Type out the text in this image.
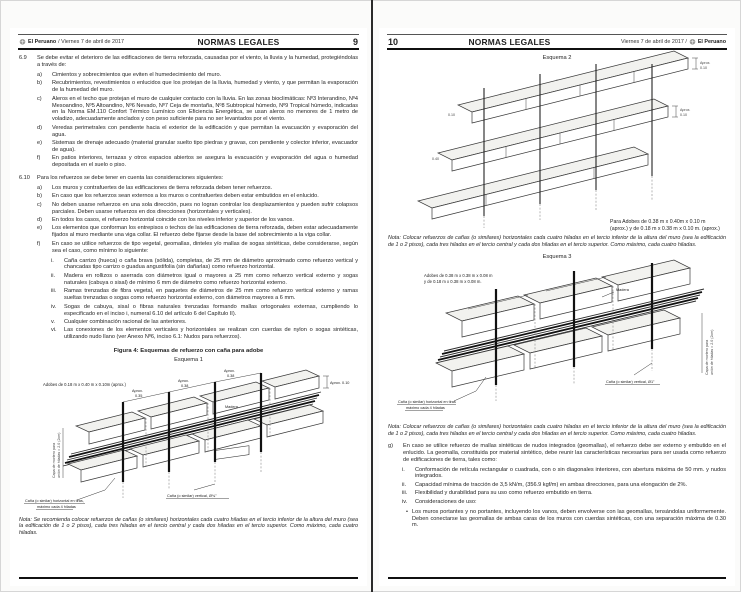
El Peruano / Viernes 7 de abril de 2017	NORMAS LEGALES	9
6.9	Se debe evitar el deterioro de las edificaciones de tierra reforzada, causadas por el viento, la lluvia y la humedad, protegiéndolas a través de:
a)	Cimientos y sobrecimientos que eviten el humedecimiento del muro.
b)	Recubrimientos, revestimientos o enlucidos que los protejan de la lluvia, humedad y viento, y que permitan la evaporación de la humedad del muro.
c)	Aleros en el techo que protejan el muro de cualquier contacto con la lluvia. En las zonas bioclimáticas: Nº3 Interandino, Nº4 Mesoandino, Nº5 Altoandino, Nº6 Nevado, Nº7 Ceja de montaña, Nº8 Subtropical húmedo, Nº9 Tropical húmedo, indicadas en la Norma EM.110 Confort Térmico Lumínico con Eficiencia Energética, se usan aleros no menores de 1 metro de voladizo, adecuadamente anclados y con peso suficiente para no ser levantados por el viento.
d)	Veredas perimetrales con pendiente hacia el exterior de la edificación y que permitan la evacuación y evaporación del agua.
e)	Sistemas de drenaje adecuado (material granular suelto tipo piedras y gravas, con pendiente y colector inferior, evacuador de agua).
f)	En patios interiores, terrazas y otros espacios abiertos se asegura la evacuación y evaporación del agua o humedad depositada en el suelo o piso.
6.10	Para los refuerzos se debe tener en cuenta las consideraciones siguientes:
a)	Los muros y contrafuertes de las edificaciones de tierra reforzada deben tener refuerzos.
b)	En caso que los refuerzos sean externos a los muros o contrafuertes deben estar embutidos en el enlucido.
c)	No deben usarse refuerzos en una sola dirección, pues no logran controlar los desplazamientos y pueden sufrir colapsos parciales. Deben usarse refuerzos en dos direcciones (horizontales y verticales).
d)	En todos los casos, el refuerzo horizontal coincide con los niveles inferior y superior de los vanos.
e)	Los elementos que conforman los entrepisos o techos de las edificaciones de tierra reforzada, deben estar adecuadamente fijados al muro mediante una viga collar. El refuerzo debe fijarse desde la base del sobrecimiento a la viga collar.
f)	En caso se utilice refuerzos de tipo vegetal, geomallas, dinteles y/o mallas de sogas sintéticas, debe considerarse, según sea el caso, como mínimo lo siguiente:
i.	Caña carrizo (hueca) o caña brava (sólida), completas, de 25 mm de diámetro aproximado como refuerzo vertical y chancadas tipo carrizo o guadua angustifolia (sin dañarlas) como refuerzo horizontal.
ii.	Madera en rollizos o aserrada con diámetros igual o mayores a 25 mm como refuerzo vertical externo y sogas naturales (cabuya o sisal) de mínimo 6 mm de diámetro como refuerzo horizontal externo.
iii.	Ramas trenzadas de fibra vegetal, en paquetes de diámetros de 25 mm como refuerzo vertical externo y ramas sueltas trenzadas o sogas como refuerzo horizontal externo, con diámetros mayores a 6 mm.
iv.	Sogas de cabuya, sisal o fibras naturales trenzadas formando mallas ortogonales externas, cumpliendo lo especificado en el inciso i, numeral 6.10 del artículo 6 del Capítulo II).
v.	Cualquier combinación racional de las anteriores.
vi.	Las conexiones de los elementos verticales y horizontales se realizan con cuerdas de nylon o sogas sintéticas, utilizando nudo llano (ver Anexo Nº6, inciso 6.1: Nudos para refuerzos).
Figura 4: Esquemas de refuerzo con caña para adobe
Esquema 1
Adobes de 0.18 m x 0.40 m x 0.10m (aprox.)
Aprox.
0.35
Aprox.
0.38
Aprox.
0.38
Madera
Aprox. 0.10
Capa de mortero para unión de hiladas = 2.0 (2cm)
Caña (o similar) horizontal en tiras,
máximo cada 4 hiladas
Caña (o similar) vertical, Ø¾"
Nota: Se recomienda colocar refuerzos de cañas (o similares) horizontales cada cuatro hiladas en el tercio inferior de la altura del muro (sea la edificación de 1 o 2 pisos), cada tres hiladas en el tercio central y cada dos hiladas en el tercio superior. Como máximo, cada cuatro hiladas.
10	NORMAS LEGALES	Viernes 7 de abril de 2017 / El Peruano
Esquema 2
0.10
0.40
Aprox.
0.10
Aprox.
0.10
Para Adobes de 0.38 m x 0.40m x 0.10 m (aprox.) y de 0.18 m x 0.38 m x 0.10 m. (aprox.)
Nota: Colocar refuerzos de cañas (o similares) horizontales cada cuatro hiladas en el tercio inferior de la altura del muro (sea la edificación de 1 o 2 pisos), cada tres hiladas en el tercio central y cada dos hiladas en el tercio superior. Como máximo, cada cuatro hiladas.
Esquema 3
Adobes de 0.38 m x 0.38 m x 0.08 m
y de 0.18 m x 0.38 m x 0.08 m.
Madera
Capa de mortero para unión de hiladas = 2.0 (2cm)
Caña (o similar) horizontal en tiras
máximo cada 4 hiladas
Caña (o similar) vertical, Ø1"
Nota: Colocar refuerzos de cañas (o similares) horizontales cada cuatro hiladas en el tercio inferior de la altura del muro (sea la edificación de 1 o 2 pisos), cada tres hiladas en el tercio central y cada dos hiladas en el tercio superior. Como máximo, cada cuatro hiladas.
g)	En caso se utilice refuerzo de mallas sintéticas de nudos integrados (geomallas), el refuerzo debe ser externo y embutido en el enlucido. La geomalla, constituida por material sintético, debe reunir las características necesarias para ser usada como refuerzo de edificaciones de tierra, tales como:
i.	Conformación de retícula rectangular o cuadrada, con o sin diagonales interiores, con abertura máxima de 50 mm. y nudos integrados.
ii.	Capacidad mínima de tracción de 3,5 kN/m, (356.9 kgf/m) en ambas direcciones, para una elongación de 2%.
iii.	Flexibilidad y durabilidad para su uso como refuerzo embutido en tierra.
iv.	Consideraciones de uso:
• Los muros portantes y no portantes, incluyendo los vanos, deben envolverse con las geomallas, tensándolas uniformemente. Deben conectarse las geomallas de ambas caras de los muros con cuerdas sintéticas, con una separación máxima de 0.30 m.
